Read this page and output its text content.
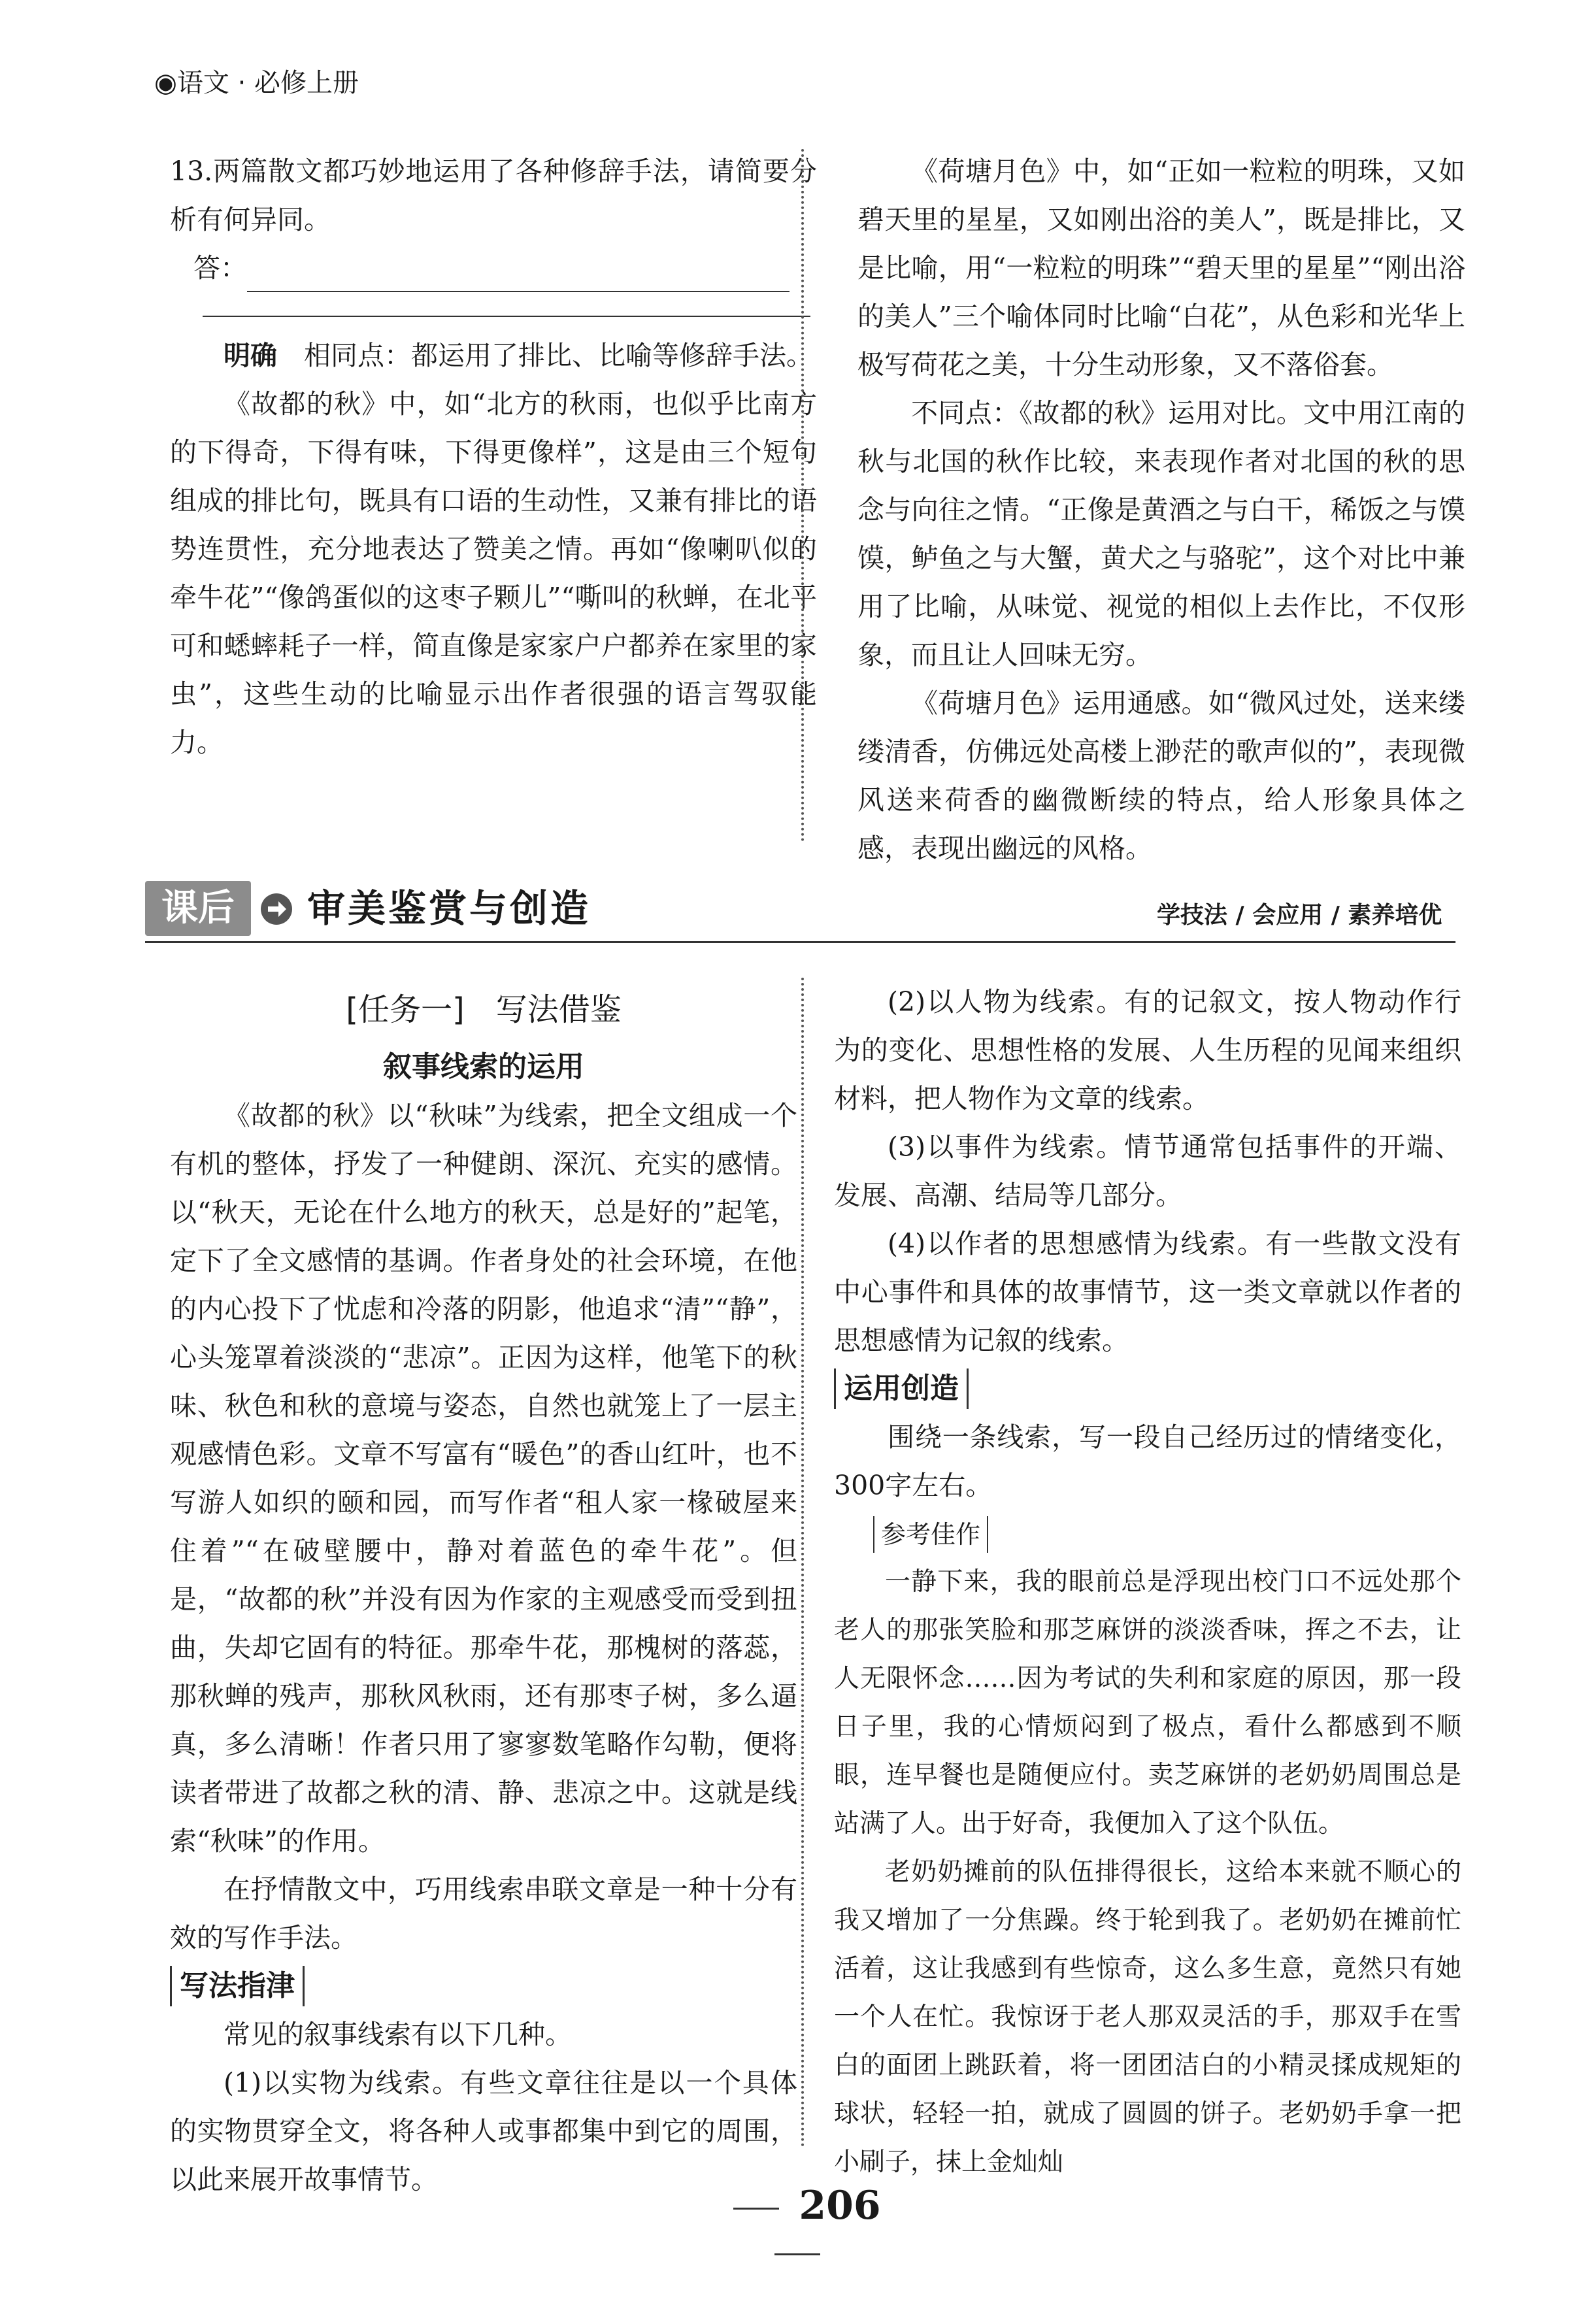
◉语文 · 必修上册

13.两篇散文都巧妙地运用了各种修辞手法，请简要分析有何异同。

答：

明确　 相同点：都运用了排比、比喻等修辞手法。

《故都的秋》中，如“北方的秋雨，也似乎比南方的下得奇，下得有味，下得更像样”，这是由三个短句组成的排比句，既具有口语的生动性，又兼有排比的语势连贯性，充分地表达了赞美之情。再如“像喇叭似的牵牛花”“像鸽蛋似的这枣子颗儿”“嘶叫的秋蝉，在北平可和蟋蟀耗子一样，简直像是家家户户都养在家里的家虫”，这些生动的比喻显示出作者很强的语言驾驭能力。

《荷塘月色》中，如“正如一粒粒的明珠，又如碧天里的星星，又如刚出浴的美人”，既是排比，又是比喻，用“一粒粒的明珠”“碧天里的星星”“刚出浴的美人”三个喻体同时比喻“白花”，从色彩和光华上极写荷花之美，十分生动形象，又不落俗套。

不同点：《故都的秋》运用对比。文中用江南的秋与北国的秋作比较，来表现作者对北国的秋的思念与向往之情。“正像是黄酒之与白干，稀饭之与馍馍，鲈鱼之与大蟹，黄犬之与骆驼”，这个对比中兼用了比喻，从味觉、视觉的相似上去作比，不仅形象，而且让人回味无穷。

《荷塘月色》运用通感。如“微风过处，送来缕缕清香，仿佛远处高楼上渺茫的歌声似的”，表现微风送来荷香的幽微断续的特点，给人形象具体之感，表现出幽远的风格。

课后	审美鉴赏与创造	学技法 / 会应用 / 素养培优

[任务一]　写法借鉴

叙事线索的运用

《故都的秋》以“秋味”为线索，把全文组成一个有机的整体，抒发了一种健朗、深沉、充实的感情。以“秋天，无论在什么地方的秋天，总是好的”起笔，定下了全文感情的基调。作者身处的社会环境，在他的内心投下了忧虑和冷落的阴影，他追求“清”“静”，心头笼罩着淡淡的“悲凉”。正因为这样，他笔下的秋味、秋色和秋的意境与姿态，自然也就笼上了一层主观感情色彩。文章不写富有“暖色”的香山红叶，也不写游人如织的颐和园，而写作者“租人家一椽破屋来住着”“在破壁腰中，静对着蓝色的牵牛花”。但是，“故都的秋”并没有因为作家的主观感受而受到扭曲，失却它固有的特征。那牵牛花，那槐树的落蕊，那秋蝉的残声，那秋风秋雨，还有那枣子树，多么逼真，多么清晰！作者只用了寥寥数笔略作勾勒，便将读者带进了故都之秋的清、静、悲凉之中。这就是线索“秋味”的作用。

在抒情散文中，巧用线索串联文章是一种十分有效的写作手法。

写法指津

常见的叙事线索有以下几种。

(1)以实物为线索。有些文章往往是以一个具体的实物贯穿全文，将各种人或事都集中到它的周围，以此来展开故事情节。

(2)以人物为线索。有的记叙文，按人物动作行为的变化、思想性格的发展、人生历程的见闻来组织材料，把人物作为文章的线索。

(3)以事件为线索。情节通常包括事件的开端、发展、高潮、结局等几部分。

(4)以作者的思想感情为线索。有一些散文没有中心事件和具体的故事情节，这一类文章就以作者的思想感情为记叙的线索。

运用创造

围绕一条线索，写一段自己经历过的情绪变化，300字左右。

参考佳作

一静下来，我的眼前总是浮现出校门口不远处那个老人的那张笑脸和那芝麻饼的淡淡香味，挥之不去，让人无限怀念……因为考试的失利和家庭的原因，那一段日子里，我的心情烦闷到了极点，看什么都感到不顺眼，连早餐也是随便应付。卖芝麻饼的老奶奶周围总是站满了人。出于好奇，我便加入了这个队伍。

老奶奶摊前的队伍排得很长，这给本来就不顺心的我又增加了一分焦躁。终于轮到我了。老奶奶在摊前忙活着，这让我感到有些惊奇，这么多生意，竟然只有她一个人在忙。我惊讶于老人那双灵活的手，那双手在雪白的面团上跳跃着，将一团团洁白的小精灵揉成规矩的球状，轻轻一拍，就成了圆圆的饼子。老奶奶手拿一把小刷子，抹上金灿灿

206
